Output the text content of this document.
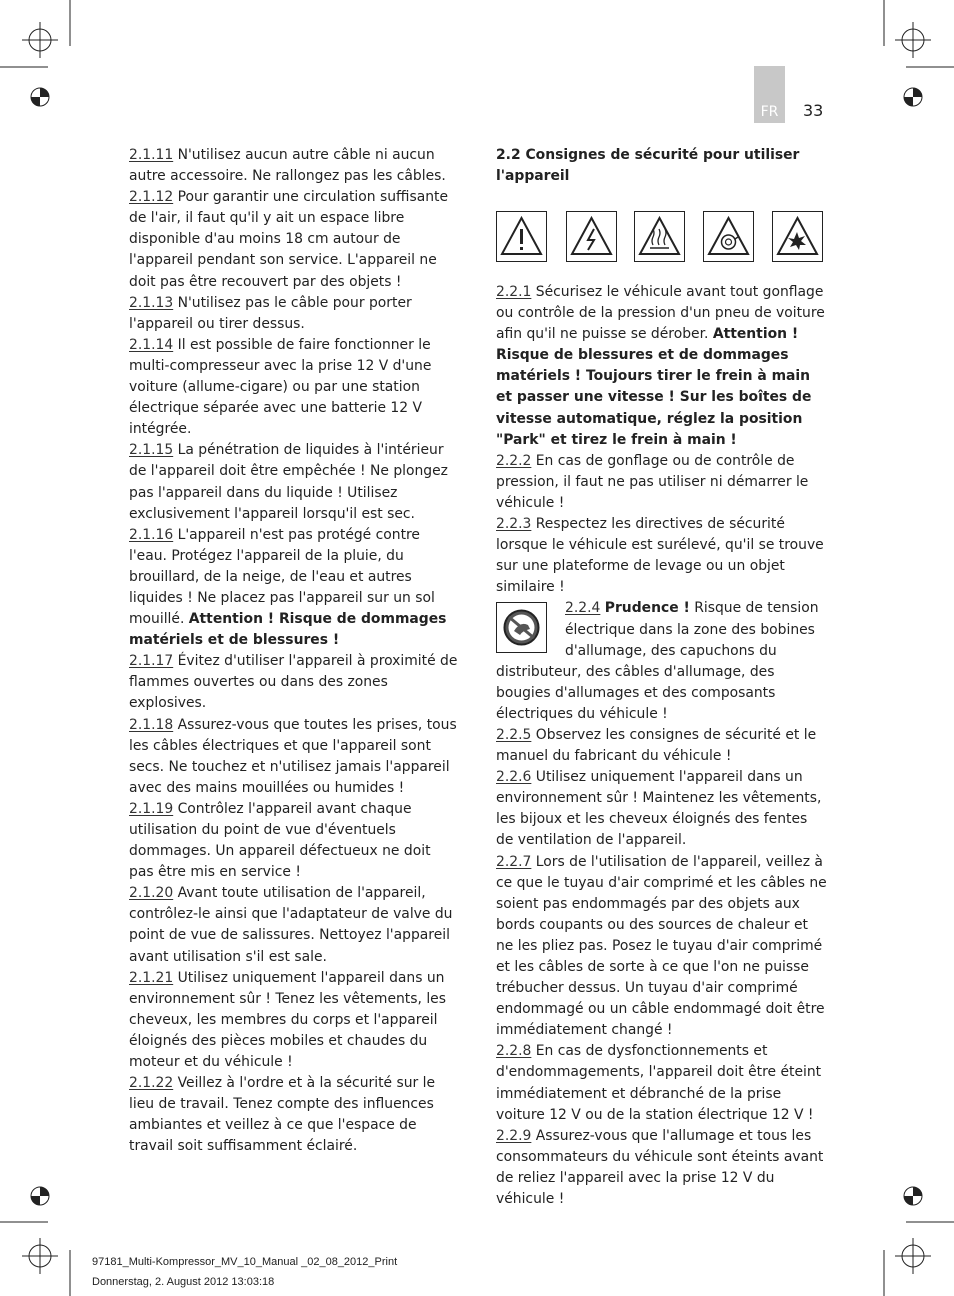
FR	33

2.1.11 N'utilisez aucun autre câble ni aucun autre accessoire. Ne rallongez pas les câbles.

2.1.12 Pour garantir une circulation suffisante de l'air, il faut qu'il y ait un espace libre disponible d'au moins 18 cm autour de l'appareil pendant son service. L'appareil ne doit pas être recouvert par des objets !

2.1.13 N'utilisez pas le câble pour porter l'appareil ou tirer dessus.

2.1.14 Il est possible de faire fonctionner le multi-compresseur avec la prise 12 V d'une voiture (allume-cigare) ou par une station électrique séparée avec une batterie 12 V intégrée.

2.1.15 La pénétration de liquides à l'intérieur de l'appareil doit être empêchée ! Ne plongez pas l'appareil dans du liquide ! Utilisez exclusivement l'appareil lorsqu'il est sec.

2.1.16 L'appareil n'est pas protégé contre l'eau. Protégez l'appareil de la pluie, du brouillard, de la neige, de l'eau et autres liquides ! Ne placez pas l'appareil sur un sol mouillé. Attention ! Risque de dommages matériels et de blessures !

2.1.17 Évitez d'utiliser l'appareil à proximité de flammes ouvertes ou dans des zones explosives.

2.1.18 Assurez-vous que toutes les prises, tous les câbles électriques et que l'appareil sont secs. Ne touchez et n'utilisez jamais l'appareil avec des mains mouillées ou humides !

2.1.19 Contrôlez l'appareil avant chaque utilisation du point de vue d'éventuels dommages. Un appareil défectueux ne doit pas être mis en service !

2.1.20 Avant toute utilisation de l'appareil, contrôlez-le ainsi que l'adaptateur de valve du point de vue de salissures. Nettoyez l'appareil avant utilisation s'il est sale.

2.1.21 Utilisez uniquement l'appareil dans un environnement sûr ! Tenez les vêtements, les cheveux, les membres du corps et l'appareil éloignés des pièces mobiles et chaudes du moteur et du véhicule !

2.1.22 Veillez à l'ordre et à la sécurité sur le lieu de travail. Tenez compte des influences ambiantes et veillez à ce que l'espace de travail soit suffisamment éclairé.

2.2 Consignes de sécurité pour utiliser l'appareil

2.2.1 Sécurisez le véhicule avant tout gonflage ou contrôle de la pression d'un pneu de voiture afin qu'il ne puisse se dérober. Attention ! Risque de blessures et de dommages matériels ! Toujours tirer le frein à main et passer une vitesse ! Sur les boîtes de vitesse automatique, réglez la position "Park" et tirez le frein à main !

2.2.2 En cas de gonflage ou de contrôle de pression, il faut ne pas utiliser ni démarrer le véhicule !

2.2.3 Respectez les directives de sécurité lorsque le véhicule est surélevé, qu'il se trouve sur une plateforme de levage ou un objet similaire !

2.2.4 Prudence ! Risque de tension électrique dans la zone des bobines d'allumage, des capuchons du distributeur, des câbles d'allumage, des bougies d'allumages et des composants électriques du véhicule !

2.2.5 Observez les consignes de sécurité et le manuel du fabricant du véhicule !

2.2.6 Utilisez uniquement l'appareil dans un environnement sûr ! Maintenez les vêtements, les bijoux et les cheveux éloignés des fentes de ventilation de l'appareil.

2.2.7 Lors de l'utilisation de l'appareil, veillez à ce que le tuyau d'air comprimé et les câbles ne soient pas endommagés par des objets aux bords coupants ou des sources de chaleur et ne les pliez pas. Posez le tuyau d'air comprimé et les câbles de sorte à ce que l'on ne puisse trébucher dessus. Un tuyau d'air comprimé endommagé ou un câble endommagé doit être immédiatement changé !

2.2.8 En cas de dysfonctionnements et d'endommagements, l'appareil doit être éteint immédiatement et débranché de la prise voiture 12 V ou de la station électrique 12 V !

2.2.9 Assurez-vous que l'allumage et tous les consommateurs du véhicule sont éteints avant de reliez l'appareil avec la prise 12 V du véhicule !

97181_Multi-Kompressor_MV_10_Manual _02_08_2012_Print
Donnerstag, 2. August 2012 13:03:18
